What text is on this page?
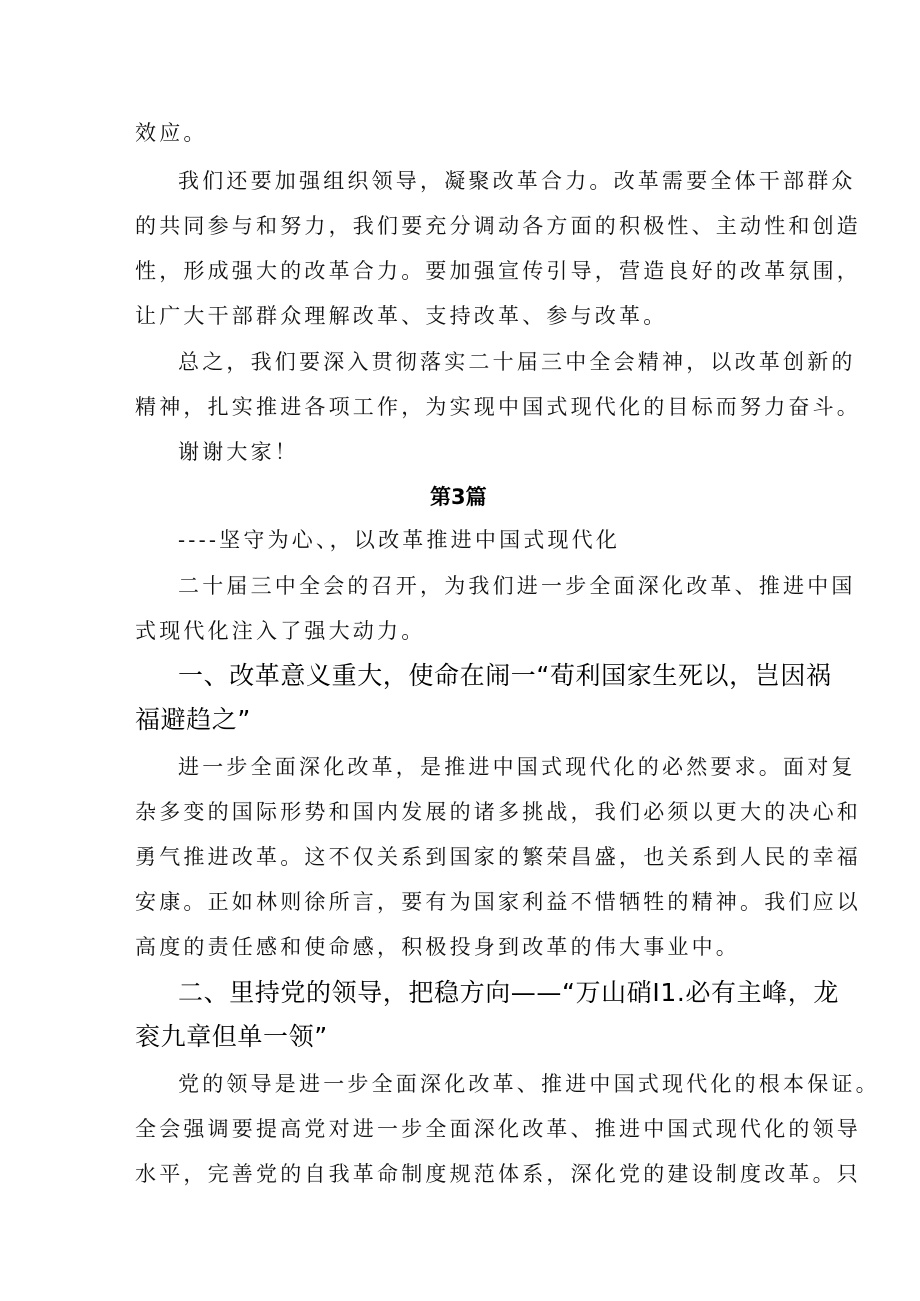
效应。
我们还要加强组织领导，凝聚改革合力。改革需要全体干部群众
的共同参与和努力，我们要充分调动各方面的积极性、主动性和创造
性，形成强大的改革合力。要加强宣传引导，营造良好的改革氛围，
让广大干部群众理解改革、支持改革、参与改革。
总之，我们要深入贯彻落实二十届三中全会精神，以改革创新的
精神，扎实推进各项工作，为实现中国式现代化的目标而努力奋斗。
谢谢大家！
第3篇
----坚守为心、，以改革推进中国式现代化
二十届三中全会的召开，为我们进一步全面深化改革、推进中国
式现代化注入了强大动力。
一、改革意义重大，使命在闹一“荀利国家生死以，岂因祸
福避趋之”
进一步全面深化改革，是推进中国式现代化的必然要求。面对复
杂多变的国际形势和国内发展的诸多挑战，我们必须以更大的决心和
勇气推进改革。这不仅关系到国家的繁荣昌盛，也关系到人民的幸福
安康。正如林则徐所言，要有为国家利益不惜牺牲的精神。我们应以
高度的责任感和使命感，积极投身到改革的伟大事业中。
二、里持党的领导，把稳方向——“万山硝I1.必有主峰，龙
衮九章但单一领”
党的领导是进一步全面深化改革、推进中国式现代化的根本保证。
全会强调要提高党对进一步全面深化改革、推进中国式现代化的领导
水平，完善党的自我革命制度规范体系，深化党的建设制度改革。只
